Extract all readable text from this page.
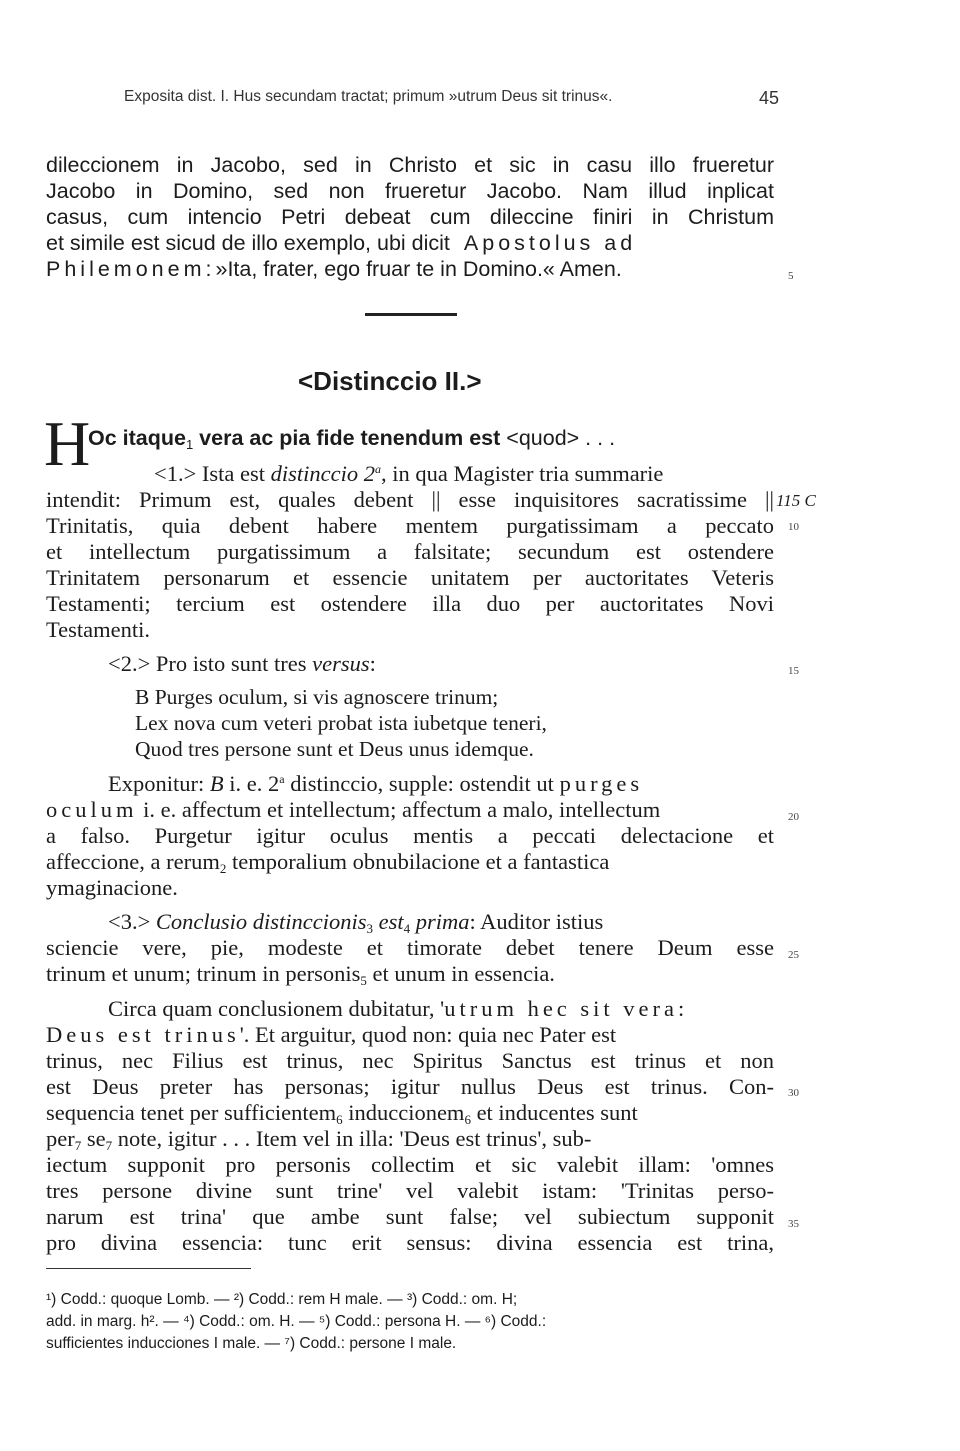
Exposita dist. I. Hus secundam tractat; primum »utrum Deus sit trinus«.	45
dileccionem in Jacobo, sed in Christo et sic in casu illo frueretur
Jacobo in Domino, sed non frueretur Jacobo. Nam illud inplicat
casus, cum intencio Petri debeat cum dileccine finiri in Christum
et simile est sicud de illo exemplo, ubi dicit Apostolus ad
Philemonem:»Ita, frater, ego fruar te in Domino.« Amen.
<Distinccio II.>
H
Oc itaque$_1$ vera ac pia fide tenendum est <quod> . . .
<1.> Ista est distinccio 2$^a$, in qua Magister tria summarie
intendit: Primum est, quales debent || esse inquisitores sacratissime ||
Trinitatis, quia debent habere mentem purgatissimam a peccato
et intellectum purgatissimum a falsitate; secundum est ostendere
Trinitatem personarum et essencie unitatem per auctoritates Veteris
Testamenti; tercium est ostendere illa duo per auctoritates Novi
Testamenti.
<2.> Pro isto sunt tres versus:
B Purges oculum, si vis agnoscere trinum;
Lex nova cum veteri probat ista iubetque teneri,
Quod tres persone sunt et Deus unus idemque.
Exponitur: B i. e. 2$^a$ distinccio, supple: ostendit ut purges
oculum i. e. affectum et intellectum; affectum a malo, intellectum
a falso. Purgetur igitur oculus mentis a peccati delectacione et
affeccione, a rerum$_2$ temporalium obnubilacione et a fantastica
ymaginacione.
<3.> Conclusio distinccionis$_3$ est$_4$ prima: Auditor istius
sciencie vere, pie, modeste et timorate debet tenere Deum esse
trinum et unum; trinum in personis$_5$ et unum in essencia.
Circa quam conclusionem dubitatur, 'utrum hec sit vera:
Deus est trinus'. Et arguitur, quod non: quia nec Pater est
trinus, nec Filius est trinus, nec Spiritus Sanctus est trinus et non
est Deus preter has personas; igitur nullus Deus est trinus. Con-
sequencia tenet per sufficientem$_6$ induccionem$_6$ et inducentes sunt
per$_7$ $se_7$ note, igitur . . . Item vel in illa: 'Deus est trinus', sub-
iectum supponit pro personis collectim et sic valebit illam: 'omnes
tres persone divine sunt trine' vel valebit istam: 'Trinitas perso-
narum est trina' que ambe sunt false; vel subiectum supponit
pro divina essencia: tunc erit sensus: divina essencia est trina,
115 C
5
10
15
20
25
30
35
¹) Codd.: quoque Lomb. — ²) Codd.: rem H male. — ³) Codd.: om. H;
add. in marg. h². — ⁴) Codd.: om. H. — ⁵) Codd.: persona H. — ⁶) Codd.:
sufficientes inducciones I male. — ⁷) Codd.: persone I male.
